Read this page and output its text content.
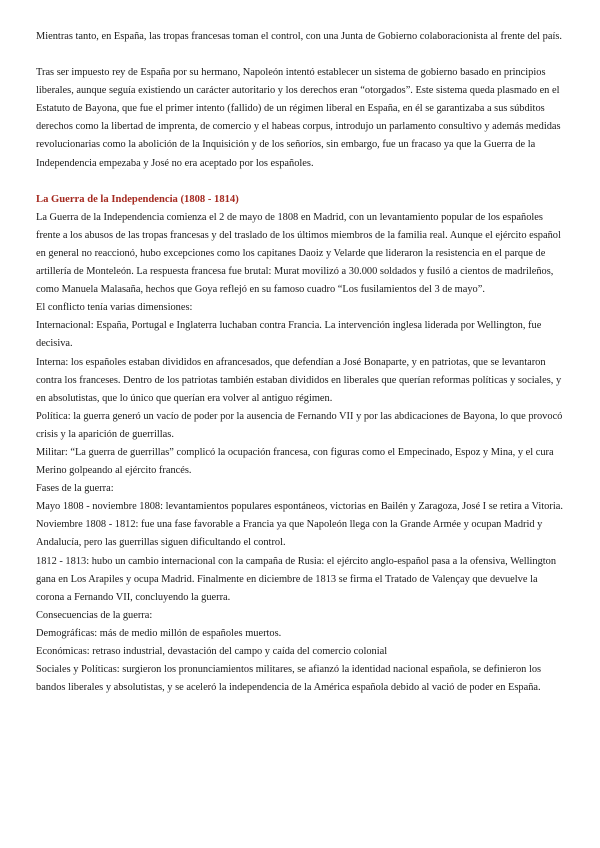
Mientras tanto, en España, las tropas francesas toman el control, con una Junta de Gobierno colaboracionista al frente del país.

Tras ser impuesto rey de España por su hermano, Napoleón intentó establecer un sistema de gobierno basado en principios liberales, aunque seguía existiendo un carácter autoritario y los derechos eran “otorgados”. Este sistema queda plasmado en el Estatuto de Bayona, que fue el primer intento (fallido) de un régimen liberal en España, en él se garantizaba a sus súbditos derechos como la libertad de imprenta, de comercio y el habeas corpus, introdujo un parlamento consultivo y además medidas revolucionarias como la abolición de la Inquisición y de los señoríos, sin embargo, fue un fracaso ya que la Guerra de la Independencia empezaba y José no era aceptado por los españoles.

La Guerra de la Independencia (1808 - 1814)

La Guerra de la Independencia comienza el 2 de mayo de 1808 en Madrid, con un levantamiento popular de los españoles frente a los abusos de las tropas francesas y del traslado de los últimos miembros de la familia real. Aunque el ejército español en general no reaccionó, hubo excepciones como los capitanes Daoiz y Velarde que lideraron la resistencia en el parque de artillería de Monteleón. La respuesta francesa fue brutal: Murat movilizó a 30.000 soldados y fusiló a cientos de madrileños, como Manuela Malasaña, hechos que Goya reflejó en su famoso cuadro “Los fusilamientos del 3 de mayo”.

El conflicto tenía varias dimensiones:

Internacional: España, Portugal e Inglaterra luchaban contra Francia. La intervención inglesa liderada por Wellington, fue decisiva.

Interna: los españoles estaban divididos en afrancesados, que defendían a José Bonaparte, y en patriotas, que se levantaron contra los franceses. Dentro de los patriotas también estaban divididos en liberales que querían reformas políticas y sociales, y en absolutistas, que lo único que querían era volver al antiguo régimen.

Política: la guerra generó un vacío de poder por la ausencia de Fernando VII y por las abdicaciones de Bayona, lo que provocó crisis y la aparición de guerrillas.

Militar: “La guerra de guerrillas” complicó la ocupación francesa, con figuras como el Empecinado, Espoz y Mina, y el cura Merino golpeando al ejército francés.

Fases de la guerra:

Mayo 1808 - noviembre 1808: levantamientos populares espontáneos, victorias en Bailén y Zaragoza, José I se retira a Vitoria.

Noviembre 1808 - 1812: fue una fase favorable a Francia ya que Napoleón llega con la Grande Armée y ocupan Madrid y Andalucía, pero las guerrillas siguen dificultando el control.

1812 - 1813: hubo un cambio internacional con la campaña de Rusia: el ejército anglo-español pasa a la ofensiva, Wellington gana en Los Arapiles y ocupa Madrid. Finalmente en diciembre de 1813 se firma el Tratado de Valençay que devuelve la corona a Fernando VII, concluyendo la guerra.

Consecuencias de la guerra:

Demográficas: más de medio millón de españoles muertos.

Económicas: retraso industrial, devastación del campo y caída del comercio colonial

Sociales y Políticas: surgieron los pronunciamientos militares, se afianzó la identidad nacional española, se definieron los bandos liberales y absolutistas, y se aceleró la independencia de la América española debido al vació de poder en España.
